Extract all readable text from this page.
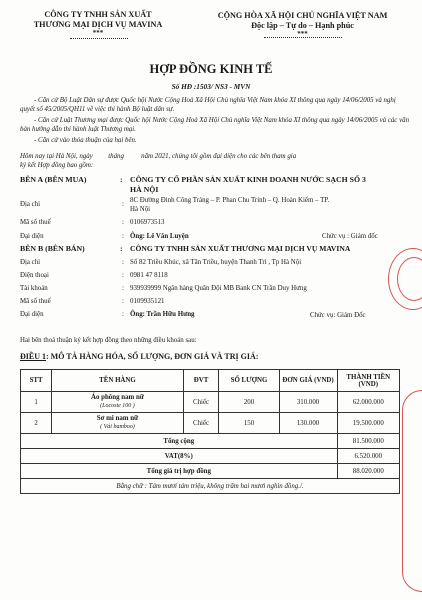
CÔNG TY TNHH SẢN XUẤT
THƯƠNG MẠI DỊCH VỤ MAVINA
***
CỘNG HÒA XÃ HỘI CHỦ NGHĨA VIỆT NAM
Độc lập – Tự do – Hạnh phúc
***
HỢP ĐỒNG KINH TẾ
Số HĐ :1503/ NS3 - MVN
- Căn cứ Bộ Luật Dân sự được Quốc hội Nước Cộng Hoà Xã Hội Chủ nghĩa Việt Nam khóa XI thông qua ngày 14/06/2005 và nghị quyết số 45/2005/QH11 về việc thi hành Bộ luật dân sự.
- Căn cứ Luật Thương mại được Quốc hội Nước Cộng Hoà Xã Hội Chủ nghĩa Việt Nam khóa XI thông qua ngày 14/06/2005 và các văn bản hướng dẫn thi hành luật Thương mại.
- Căn cứ vào thỏa thuận của hai bên.
Hôm nay tại Hà Nội, ngày         tháng          năm 2021, chúng tôi gồm đại diện cho các bên tham gia
ký kết Hợp đồng bao gồm:
BÊN A (BÊN MUA)	: CÔNG TY CỔ PHẦN SẢN XUẤT KINH DOANH NƯỚC SẠCH SỐ 3
HÀ NỘI
Địa chỉ	:
8C Đường Đinh Công Tráng – P. Phan Chu Trinh – Q. Hoàn Kiếm – TP.
Hà Nội
Mã số thuế	: 0106973513
Đại diện	: Ông: Lê Văn Luyện	Chức vụ : Giám đốc
BÊN B (BÊN BÁN)	: CÔNG TY TNHH SẢN XUẤT THƯƠNG MẠI DỊCH VỤ MAVINA
Địa chỉ	: Số 82 Triều Khúc, xã Tân Triều, huyện Thanh Trì , Tp Hà Nội
Điện thoại	: 0981 47 8118
Tài khoản	: 939939999 Ngân hàng Quân Đội MB Bank CN Trần Duy Hưng
Mã số thuế	: 0109935121
Đại diện	: Ông: Trần Hữu Hưng	Chức vụ: Giám Đốc
Hai bên thoả thuận ký kết hợp đồng theo những điều khoản sau:
ĐIỀU 1: MÔ TẢ HÀNG HÓA, SỐ LƯỢNG, ĐƠN GIÁ VÀ TRỊ GIÁ:
STT	TÊN HÀNG	ĐVT	SỐ LƯỢNG	ĐƠN GIÁ (VND)	THÀNH TIỀN (VND)
1	Áo phông nam nữ
(Locoste 100 )	Chiếc	200	310.000	62.000.000
2	Sơ mi nam nữ
( Vải bamboo)	Chiếc	150	130.000	19.500.000
Tổng cộng					81.500.000
VAT(8%)					6.520.000
Tổng giá trị hợp đồng					88.020.000
Bằng chữ : Tám mươi tám triệu, không trăm hai mươi nghìn đồng./.					
